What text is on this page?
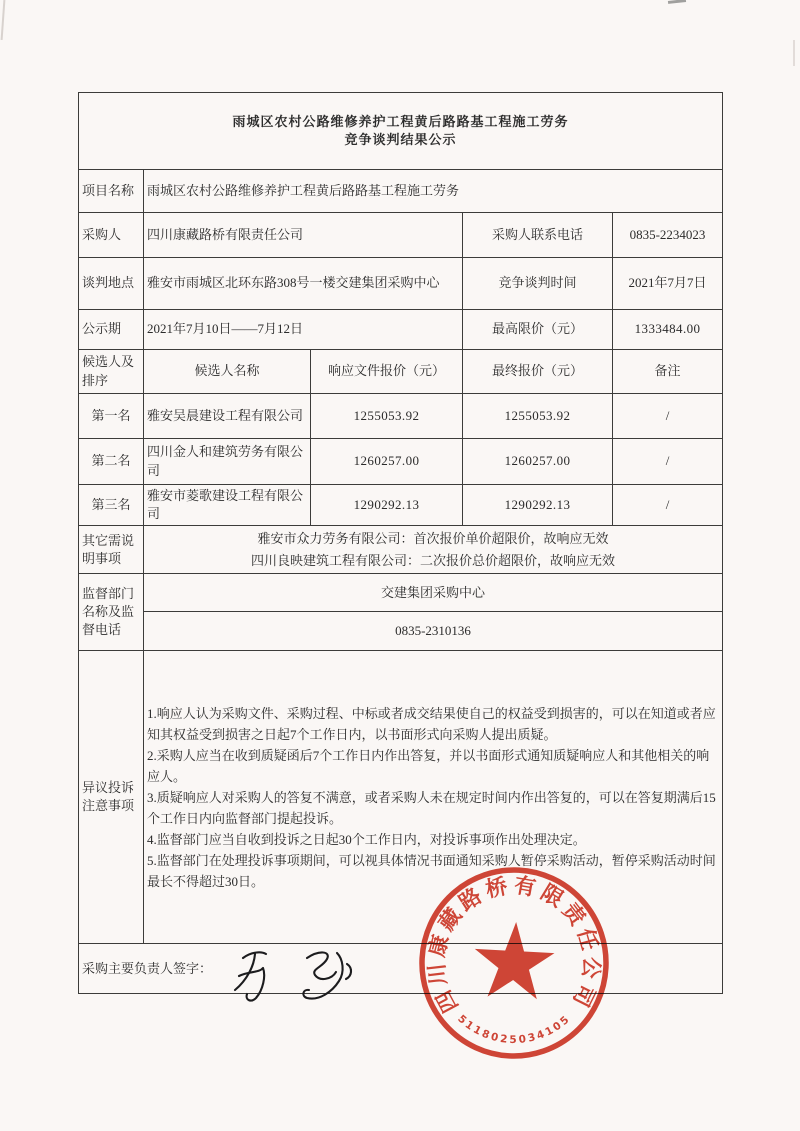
雨城区农村公路维修养护工程黄后路路基工程施工劳务
竞争谈判结果公示				

项目名称	雨城区农村公路维修养护工程黄后路路基工程施工劳务			
采购人	四川康藏路桥有限责任公司		采购人联系电话	0835-2234023
谈判地点	雅安市雨城区北环东路308号一楼交建集团采购中心		竞争谈判时间	2021年7月7日
公示期	2021年7月10日——7月12日		最高限价（元）	1333484.00
候选人及排序	候选人名称	响应文件报价（元）	最终报价（元）	备注
第一名	雅安吴晨建设工程有限公司	1255053.92	1255053.92	/
第二名	四川金人和建筑劳务有限公司	1260257.00	1260257.00	/
第三名	雅安市菱歌建设工程有限公司	1290292.13	1290292.13	/
其它需说明事项	雅安市众力劳务有限公司：首次报价单价超限价，故响应无效
四川良映建筑工程有限公司：二次报价总价超限价，故响应无效			

监督部门名称及监督电话	交建集团采购中心			
	0835-2310136			
异议投诉注意事项	1.响应人认为采购文件、采购过程、中标或者成交结果使自己的权益受到损害的，可以在知道或者应知其权益受到损害之日起7个工作日内，以书面形式向采购人提出质疑。

2.采购人应当在收到质疑函后7个工作日内作出答复，并以书面形式通知质疑响应人和其他相关的响应人。

3.质疑响应人对采购人的答复不满意，或者采购人未在规定时间内作出答复的，可以在答复期满后15个工作日内向监督部门提起投诉。

4.监督部门应当自收到投诉之日起30个工作日内，对投诉事项作出处理决定。

5.监督部门在处理投诉事项期间，可以视具体情况书面通知采购人暂停采购活动，暂停采购活动时间最长不得超过30日。			

采购主要负责人签字：				
四川康藏路桥有限责任公司
5118025034105
